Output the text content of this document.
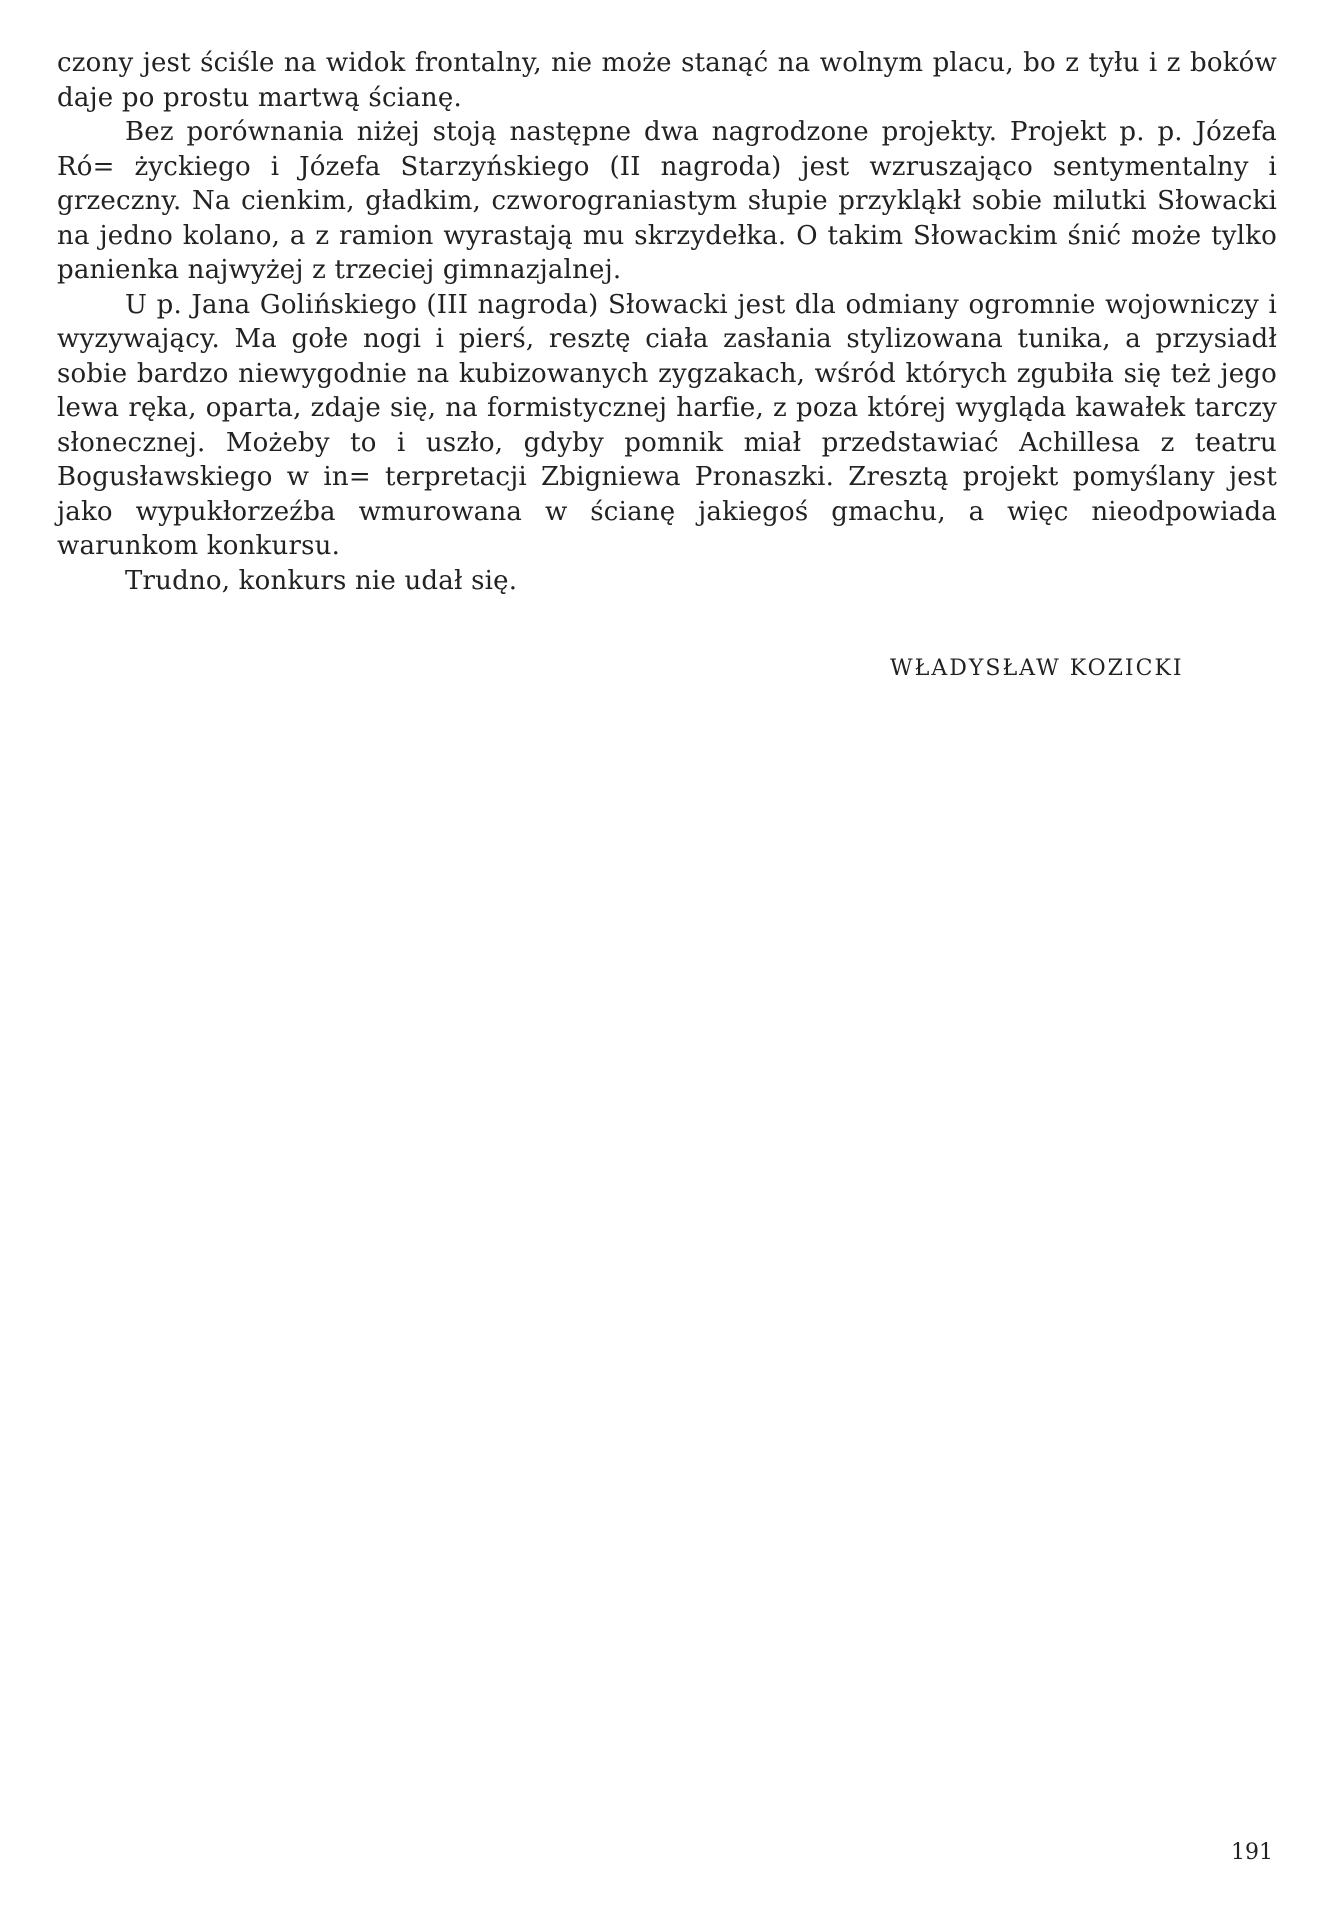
czony jest ściśle na widok frontalny, nie może stanąć na wolnym placu, bo z tyłu i z boków daje po prostu martwą ścianę.

Bez porównania niżej stoją następne dwa nagrodzone projekty. Projekt p. p. Józefa Ró= życkiego i Józefa Starzyńskiego (II nagroda) jest wzruszająco sentymentalny i grzeczny. Na cienkim, gładkim, czworograniastym słupie przykląkł sobie milutki Słowacki na jedno kolano, a z ramion wyrastają mu skrzydełka. O takim Słowackim śnić może tylko panienka najwyżej z trzeciej gimnazjalnej.

U p. Jana Golińskiego (III nagroda) Słowacki jest dla odmiany ogromnie wojowniczy i wyzywający. Ma gołe nogi i pierś, resztę ciała zasłania stylizowana tunika, a przysiadł sobie bardzo niewygodnie na kubizowanych zygzakach, wśród których zgubiła się też jego lewa ręka, oparta, zdaje się, na formistycznej harfie, z poza której wygląda kawałek tarczy słonecznej. Możeby to i uszło, gdyby pomnik miał przedstawiać Achillesa z teatru Bogusławskiego w in= terpretacji Zbigniewa Pronaszki. Zresztą projekt pomyślany jest jako wypukłorzeźba wmurowana w ścianę jakiegoś gmachu, a więc nieodpowiada warunkom konkursu.

Trudno, konkurs nie udał się.

WŁADYSŁAW KOZICKI
191
